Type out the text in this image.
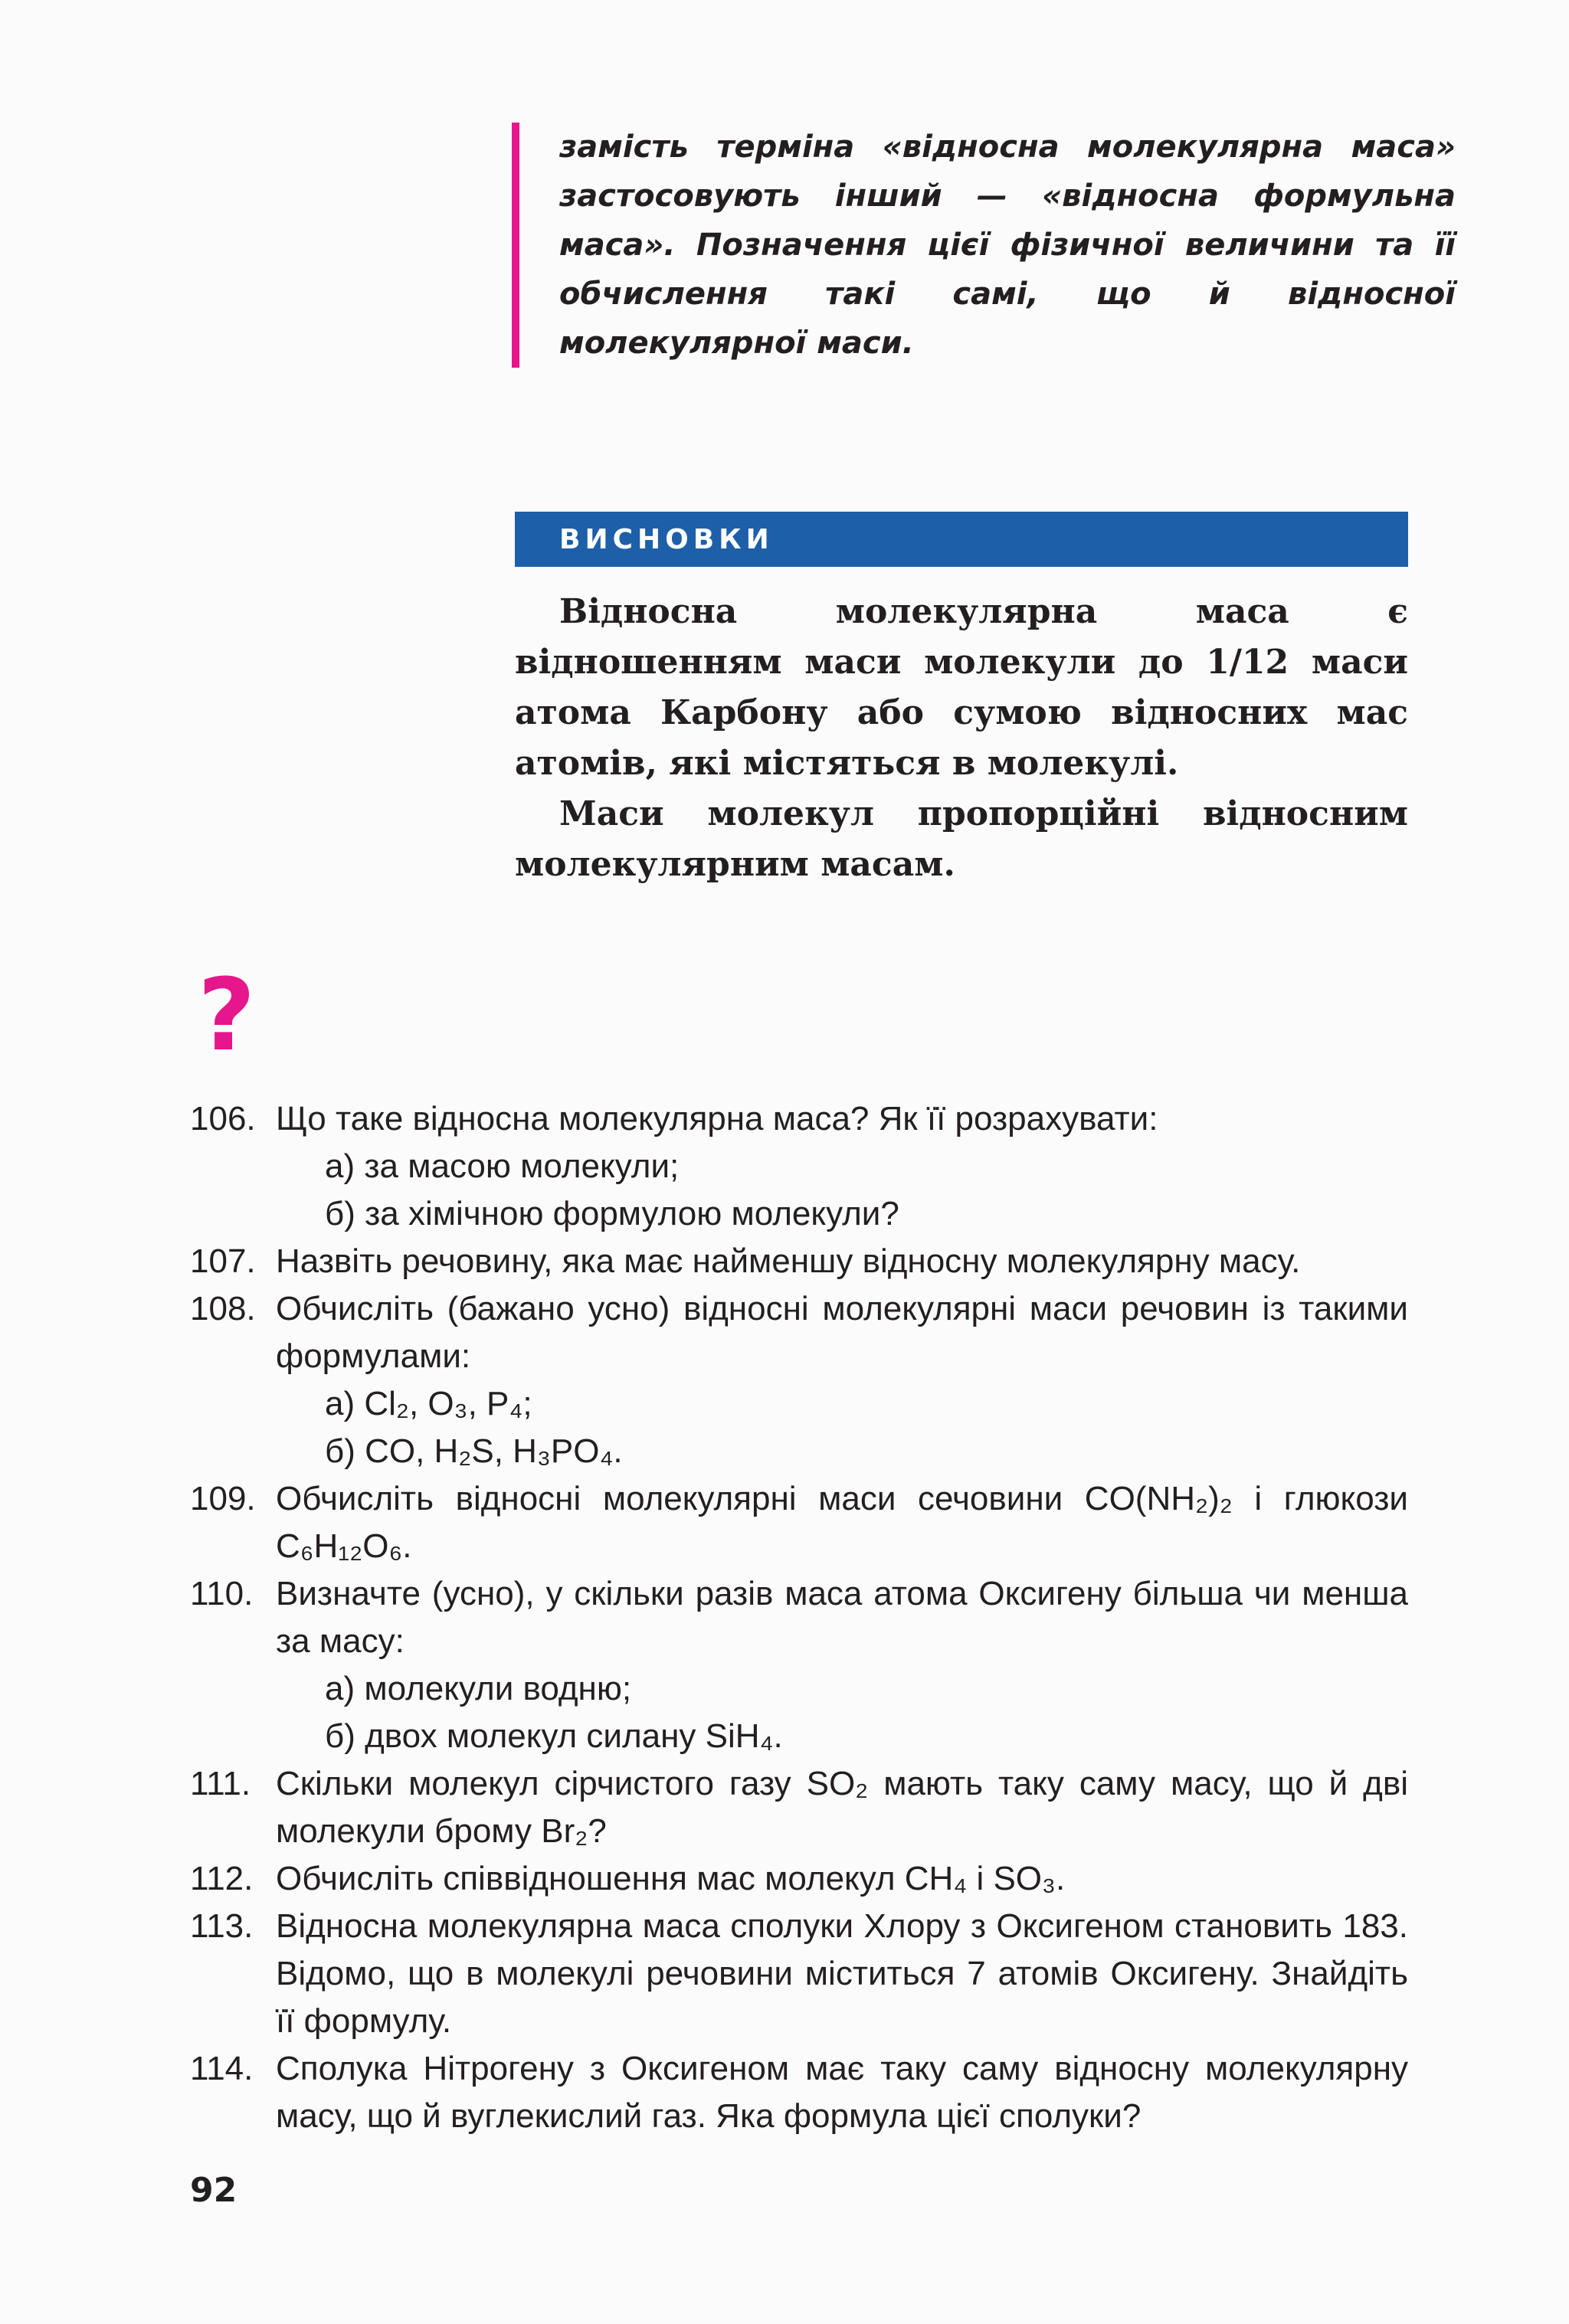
замість терміна «відносна молекулярна маса» застосовують інший — «відносна формульна маса». Позначення цієї фізичної величини та її обчислення такі самі, що й відносної молекулярної маси.
ВИСНОВКИ

Відносна молекулярна маса є відношенням маси молекули до 1/12 маси атома Карбону або сумою відносних мас атомів, які містяться в молекулі.

Маси молекул пропорційні відносним молекулярним масам.

?
106. Що таке відносна молекулярна маса? Як її розрахувати:
а) за масою молекули;
б) за хімічною формулою молекули?
107. Назвіть речовину, яка має найменшу відносну молекулярну масу.
108. Обчисліть (бажано усно) відносні молекулярні маси речовин із такими формулами:
а) Cl₂, O₃, P₄;
б) CO, H₂S, H₃PO₄.
109. Обчисліть відносні молекулярні маси сечовини CO(NH₂)₂ і глюкози C₆H₁₂O₆.
110. Визначте (усно), у скільки разів маса атома Оксигену більша чи менша за масу:
а) молекули водню;
б) двох молекул силану SiH₄.
111. Скільки молекул сірчистого газу SO₂ мають таку саму масу, що й дві молекули брому Br₂?
112. Обчисліть співвідношення мас молекул CH₄ і SO₃.
113. Відносна молекулярна маса сполуки Хлору з Оксигеном становить 183. Відомо, що в молекулі речовини міститься 7 атомів Оксигену. Знайдіть її формулу.
114. Сполука Нітрогену з Оксигеном має таку саму відносну молекулярну масу, що й вуглекислий газ. Яка формула цієї сполуки?
92
